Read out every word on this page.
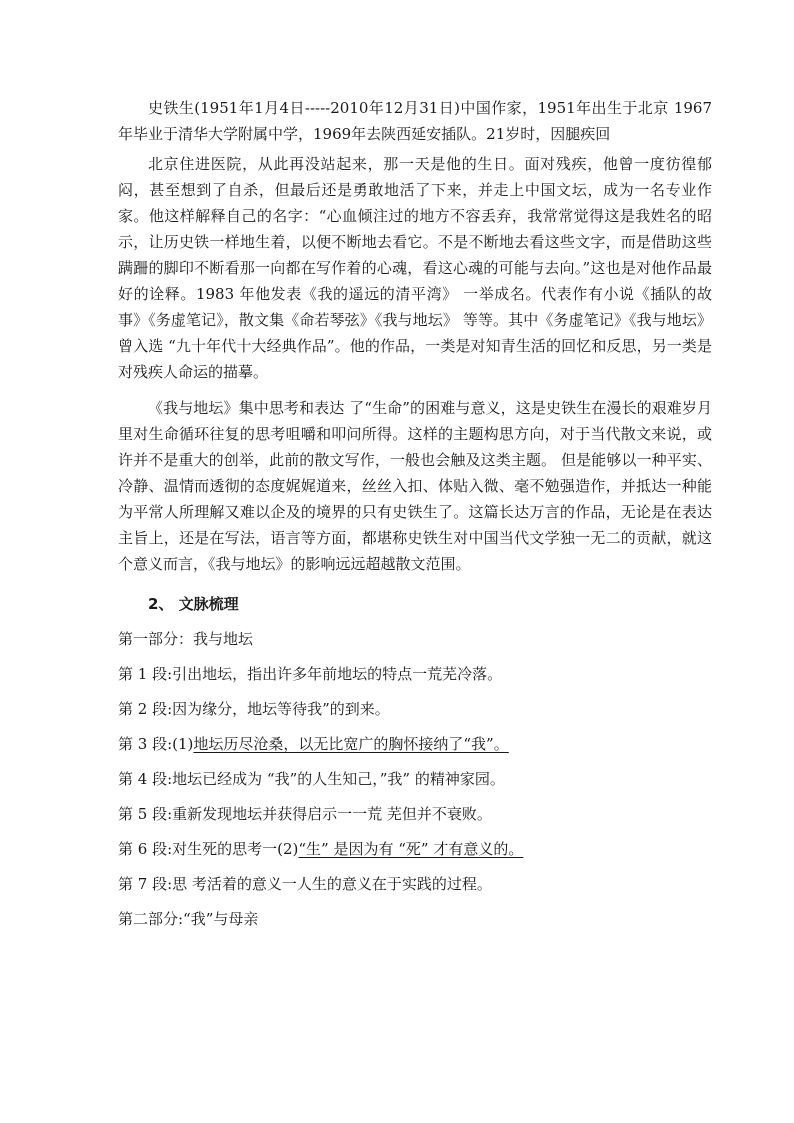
史铁生(1951年1月4日-----2010年12月31日)中国作家，1951年出生于北京 1967年毕业于清华大学附属中学，1969年去陕西延安插队。21岁时，因腿疾回

北京住进医院，从此再没站起来，那一天是他的生日。面对残疾，他曾一度彷徨郁闷，甚至想到了自杀，但最后还是勇敢地活了下来，并走上中国文坛，成为一名专业作家。他这样解释自己的名字：“心血倾注过的地方不容丢弃，我常常觉得这是我姓名的昭示，让历史铁一样地生着，以便不断地去看它。不是不断地去看这些文字，而是借助这些蹒跚的脚印不断看那一向都在写作着的心魂，看这心魂的可能与去向。”这也是对他作品最好的诠释。1983 年他发表《我的遥远的清平湾》 一举成名。代表作有小说《插队的故事》《务虚笔记》，散文集《命若琴弦》《我与地坛》 等等。其中《务虚笔记》《我与地坛》曾入选 “九十年代十大经典作品”。他的作品，一类是对知青生活的回忆和反思，另一类是对残疾人命运的描摹。

《我与地坛》集中思考和表达 了“生命”的困难与意义，这是史铁生在漫长的艰难岁月里对生命循环往复的思考咀嚼和叩问所得。这样的主题构思方向，对于当代散文来说，或许并不是重大的创举，此前的散文写作，一般也会触及这类主题。 但是能够以一种平实、冷静、温情而透彻的态度娓娓道来，丝丝入扣、体贴入微、毫不勉强造作，并抵达一种能为平常人所理解又难以企及的境界的只有史铁生了。这篇长达万言的作品，无论是在表达主旨上，还是在写法，语言等方面，都堪称史铁生对中国当代文学独一无二的贡献，就这个意义而言，《我与地坛》的影响远远超越散文范围。

2、 文脉梳理

第一部分：我与地坛

第 1 段:引出地坛，指出许多年前地坛的特点一荒芜冷落。

第 2 段:因为缘分，地坛等待我”的到来。

第 3 段:(1)地坛历尽沧桑，以无比宽广的胸怀接纳了“我”。

第 4 段:地坛已经成为 “我”的人生知己，”我” 的精神家园。

第 5 段:重新发现地坛并获得启示一一荒 芜但并不衰败。

第 6 段:对生死的思考一(2)“生” 是因为有 “死” 才有意义的。

第 7 段:思 考活着的意义一人生的意义在于实践的过程。

第二部分:“我”与母亲
